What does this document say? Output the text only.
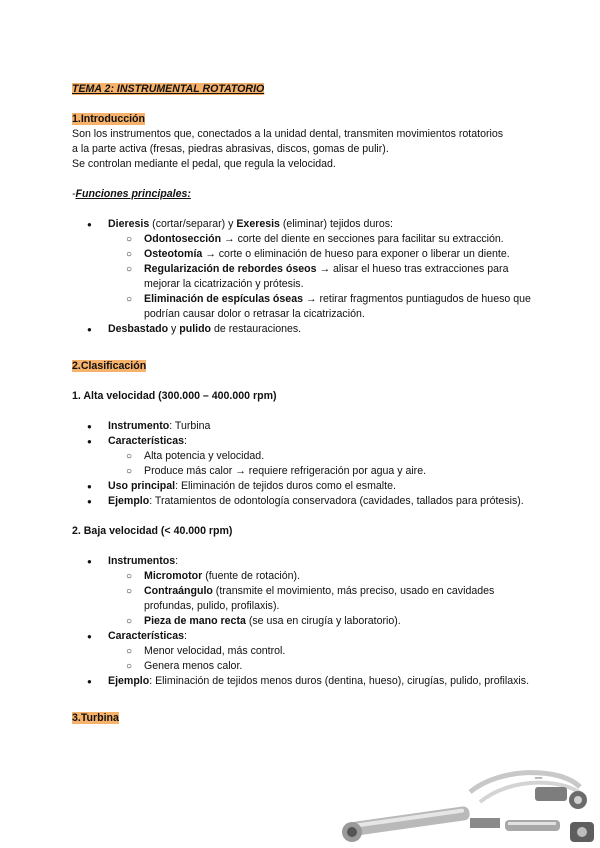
TEMA 2: INSTRUMENTAL ROTATORIO

1.Introducción

Son los instrumentos que, conectados a la unidad dental, transmiten movimientos rotatorios

a la parte activa (fresas, piedras abrasivas, discos, gomas de pulir).

Se controlan mediante el pedal, que regula la velocidad.

-Funciones principales:

● Dieresis (cortar/separar) y Exeresis (eliminar) tejidos duros:
○ Odontosección → corte del diente en secciones para facilitar su extracción.
○ Osteotomía → corte o eliminación de hueso para exponer o liberar un diente.
○ Regularización de rebordes óseos → alisar el hueso tras extracciones para mejorar la cicatrización y prótesis.
○ Eliminación de espículas óseas → retirar fragmentos puntiagudos de hueso que podrían causar dolor o retrasar la cicatrización.
● Desbastado y pulido de restauraciones.

2.Clasificación

1. Alta velocidad (300.000 – 400.000 rpm)

● Instrumento: Turbina
● Características:
○ Alta potencia y velocidad.
○ Produce más calor → requiere refrigeración por agua y aire.
● Uso principal: Eliminación de tejidos duros como el esmalte.
● Ejemplo: Tratamientos de odontología conservadora (cavidades, tallados para prótesis).

2. Baja velocidad (< 40.000 rpm)

● Instrumentos:
○ Micromotor (fuente de rotación).
○ Contraángulo (transmite el movimiento, más preciso, usado en cavidades profundas, pulido, profilaxis).
○ Pieza de mano recta (se usa en cirugía y laboratorio).
● Características:
○ Menor velocidad, más control.
○ Genera menos calor.
● Ejemplo: Eliminación de tejidos menos duros (dentina, hueso), cirugías, pulido, profilaxis.

3.Turbina

━━
